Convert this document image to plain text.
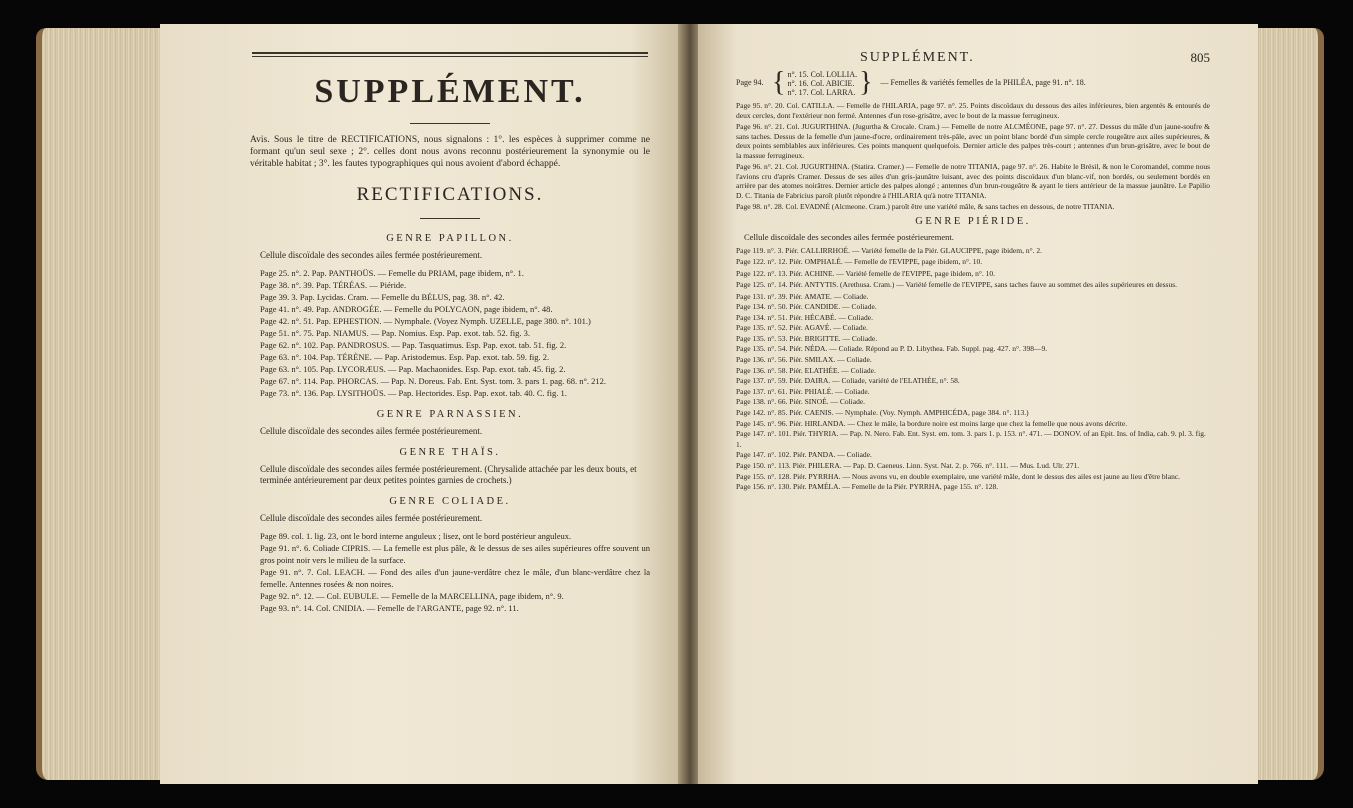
SUPPLÉMENT.

Avis. Sous le titre de RECTIFICATIONS, nous signalons : 1°. les espèces à supprimer comme ne formant qu'un seul sexe ; 2°. celles dont nous avons reconnu postérieurement la synonymie ou le véritable habitat ; 3°. les fautes typographiques qui nous avoient d'abord échappé.

RECTIFICATIONS.
GENRE PAPILLON.
Cellule discoïdale des secondes ailes fermée postérieurement.
Page 25. n°. 2. Pap. PANTHOÜS. — Femelle du PRIAM, page ibidem, n°. 1.
Page 38. n°. 39. Pap. TÉRÉAS. — Piéride.
Page 39. 3. Pap. Lycidas. Cram. — Femelle du BÉLUS, pag. 38. n°. 42.
Page 41. n°. 49. Pap. ANDROGÉE. — Femelle du POLYCAON, page ibidem, n°. 48.
Page 42. n°. 51. Pap. EPHESTION. — Nymphale. (Voyez Nymph. UZELLE, page 380. n°. 101.)
Page 51. n°. 75. Pap. NIAMUS. — Pap. Nomius. Esp. Pap. exot. tab. 52. fig. 3.
Page 62. n°. 102. Pap. PANDROSUS. — Pap. Tasquatimus. Esp. Pap. exot. tab. 51. fig. 2.
Page 63. n°. 104. Pap. TÉRÈNE. — Pap. Aristodemus. Esp. Pap. exot. tab. 59. fig. 2.
Page 63. n°. 105. Pap. LYCORÆUS. — Pap. Machaonides. Esp. Pap. exot. tab. 45. fig. 2.
Page 67. n°. 114. Pap. PHORCAS. — Pap. N. Doreus. Fab. Ent. Syst. tom. 3. pars 1. pag. 68. n°. 212.
Page 73. n°. 136. Pap. LYSITHOÜS. — Pap. Hectorides. Esp. Pap. exot. tab. 40. C. fig. 1.
GENRE PARNASSIEN.
Cellule discoïdale des secondes ailes fermée postérieurement.
GENRE THAÏS.
Cellule discoïdale des secondes ailes fermée postérieurement. (Chrysalide attachée par les deux bouts, et terminée antérieurement par deux petites pointes garnies de crochets.)
GENRE COLIADE.
Cellule discoïdale des secondes ailes fermée postérieurement.
Page 89. col. 1. lig. 23, ont le bord interne anguleux ; lisez, ont le bord postérieur anguleux.
Page 91. n°. 6. Coliade CIPRIS. — La femelle est plus pâle, & le dessus de ses ailes supérieures offre souvent un gros point noir vers le milieu de la surface.
Page 91. n°. 7. Col. LEACH. — Fond des ailes d'un jaune-verdâtre chez le mâle, d'un blanc-verdâtre chez la femelle. Antennes rosées & non noires.
Page 92. n°. 12. — Col. EUBULE. — Femelle de la MARCELLINA, page ibidem, n°. 9.
Page 93. n°. 14. Col. CNIDIA. — Femelle de l'ARGANTE, page 92. n°. 11.
SUPPLÉMENT.	805
Page 94. { n°. 15. Col. LOLLIA.
n°. 16. Col. ABICIE.
n°. 17. Col. LARRA. } — Femelles & variétés femelles de la PHILÉA, page 91. n°. 18.

Page 95. n°. 20. Col. CATILLA. — Femelle de l'HILARIA, page 97. n°. 25. Points discoïdaux du dessous des ailes inférieures, bien argentés & entourés de deux cercles, dont l'extérieur non fermé. Antennes d'un rose-grisâtre, avec le bout de la massue ferrugineux.

Page 96. n°. 21. Col. JUGURTHINA. (Jugurtha & Crocale. Cram.) — Femelle de notre ALCMÉONE, page 97. n°. 27. Dessus du mâle d'un jaune-soufre & sans taches. Dessus de la femelle d'un jaune-d'ocre, ordinairement très-pâle, avec un point blanc bordé d'un simple cercle rougeâtre aux ailes supérieures, & deux points semblables aux inférieures. Ces points manquent quelquefois. Dernier article des palpes très-court ; antennes d'un brun-grisâtre, avec le bout de la massue ferrugineux.

Page 96. n°. 21. Col. JUGURTHINA. (Statira. Cramer.) — Femelle de notre TITANIA, page 97. n°. 26. Habite le Brésil, & non le Coromandel, comme nous l'avions cru d'après Cramer. Dessus de ses ailes d'un gris-jaunâtre luisant, avec des points discoïdaux d'un blanc-vif, non bordés, ou seulement bordés en arrière par des atomes noirâtres. Dernier article des palpes alongé ; antennes d'un brun-rougeâtre & ayant le tiers antérieur de la massue jaunâtre. Le Papilio D. C. Titania de Fabricius paroît plutôt répondre à l'HILARIA qu'à notre TITANIA.

Page 98. n°. 28. Col. EVADNÉ (Alcmeone. Cram.) paroît être une variété mâle, & sans taches en dessous, de notre TITANIA.

GENRE PIÉRIDE.
Cellule discoïdale des secondes ailes fermée postérieurement.

Page 119. n°. 3. Piér. CALLIRRHOÉ. — Variété femelle de la Piér. GLAUCIPPE, page ibidem, n°. 2.

Page 122. n°. 12. Piér. OMPHALÉ. — Femelle de l'EVIPPE, page ibidem, n°. 10.

Page 122. n°. 13. Piér. ACHINE. — Variété femelle de l'EVIPPE, page ibidem, n°. 10.

Page 125. n°. 14. Piér. ANTYTIS. (Arethusa. Cram.) — Variété femelle de l'EVIPPE, sans taches fauve au sommet des ailes supérieures en dessus.

Page 131. n°. 39. Piér. AMATE. — Coliade.
Page 134. n°. 50. Piér. CANDIDE. — Coliade.
Page 134. n°. 51. Piér. HÉCABÉ. — Coliade.
Page 135. n°. 52. Piér. AGAVÉ. — Coliade.
Page 135. n°. 53. Piér. BRIGITTE. — Coliade.
Page 135. n°. 54. Piér. NÉDA. — Coliade. Répond au P. D. Libythea. Fab. Suppl. pag. 427. n°. 398—9.
Page 136. n°. 56. Piér. SMILAX. — Coliade.
Page 136. n°. 58. Piér. ELATHÉE. — Coliade.
Page 137. n°. 59. Piér. DAIRA. — Coliade, variété de l'ELATHÉE, n°. 58.
Page 137. n°. 61. Piér. PHIALÉ. — Coliade.
Page 138. n°. 66. Piér. SINOÉ. — Coliade.
Page 142. n°. 85. Piér. CAENIS. — Nymphale. (Voy. Nymph. AMPHICÉDA, page 384. n°. 113.)
Page 145. n°. 96. Piér. HIRLANDA. — Chez le mâle, la bordure noire est moins large que chez la femelle que nous avons décrite.
Page 147. n°. 101. Piér. THYRIA. — Pap. N. Nero. Fab. Ent. Syst. em. tom. 3. pars 1. p. 153. n°. 471. — DONOV. of an Epit. Ins. of India, cab. 9. pl. 3. fig. 1.
Page 147. n°. 102. Piér. PANDA. — Coliade.
Page 150. n°. 113. Piér. PHILERA. — Pap. D. Caeneus. Linn. Syst. Nat. 2. p. 766. n°. 111. — Mus. Lud. Ulr. 271.
Page 155. n°. 128. Piér. PYRRHA. — Nous avons vu, en double exemplaire, une variété mâle, dont le dessus des ailes est jaune au lieu d'être blanc.
Page 156. n°. 130. Piér. PAMÉLA. — Femelle de la Piér. PYRRHA, page 155. n°. 128.
